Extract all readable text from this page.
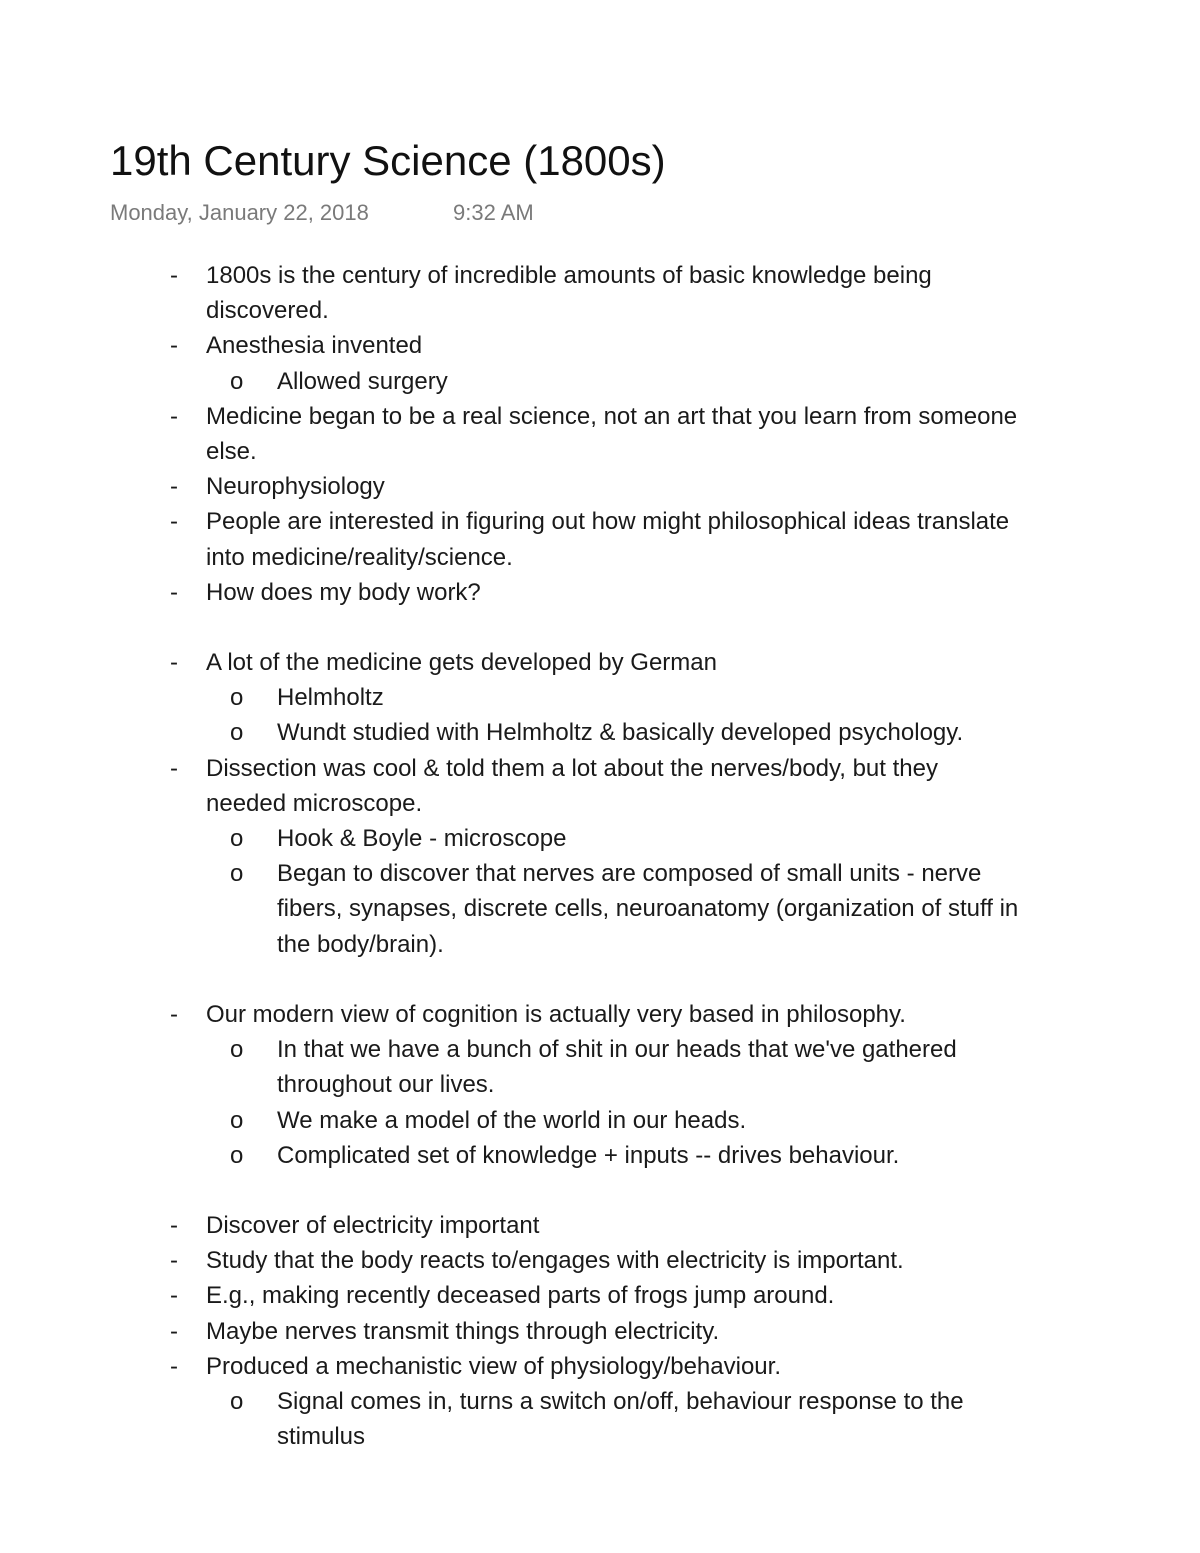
19th Century Science (1800s)
Monday, January 22, 2018	9:32 AM
- 1800s is the century of incredible amounts of basic knowledge being
discovered.
- Anesthesia invented
o Allowed surgery
- Medicine began to be a real science, not an art that you learn from someone
else.
- Neurophysiology
- People are interested in figuring out how might philosophical ideas translate
into medicine/reality/science.
- How does my body work?
- A lot of the medicine gets developed by German
o Helmholtz
o Wundt studied with Helmholtz & basically developed psychology.
- Dissection was cool & told them a lot about the nerves/body, but they
needed microscope.
o Hook & Boyle - microscope
o Began to discover that nerves are composed of small units - nerve
fibers, synapses, discrete cells, neuroanatomy (organization of stuff in
the body/brain).
- Our modern view of cognition is actually very based in philosophy.
o In that we have a bunch of shit in our heads that we've gathered
throughout our lives.
o We make a model of the world in our heads.
o Complicated set of knowledge + inputs -- drives behaviour.
- Discover of electricity important
- Study that the body reacts to/engages with electricity is important.
- E.g., making recently deceased parts of frogs jump around.
- Maybe nerves transmit things through electricity.
- Produced a mechanistic view of physiology/behaviour.
o Signal comes in, turns a switch on/off, behaviour response to the
stimulus
